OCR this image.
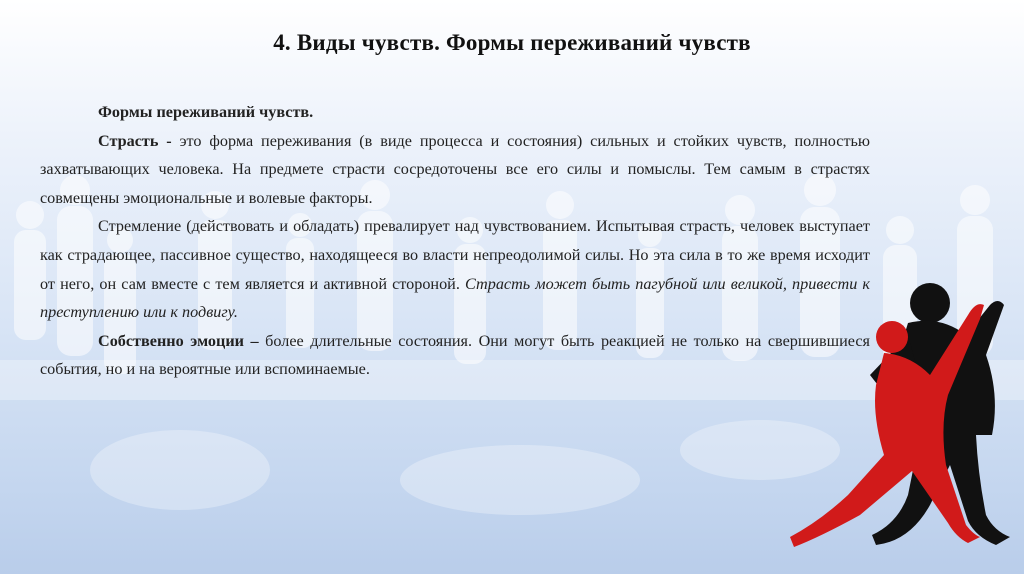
4. Виды чувств. Формы переживаний чувств

Формы переживаний чувств.

Страсть - это форма переживания (в виде процесса и состояния) сильных и стойких чувств, полностью захватывающих человека. На предмете страсти сосредоточены все его силы и помыслы. Тем самым в страстях совмещены эмоциональные и волевые факторы.

Стремление (действовать и обладать) превалирует над чувствованием. Испытывая страсть, человек выступает как страдающее, пассивное существо, находящееся во власти непреодолимой силы. Но эта сила в то же время исходит от него, он сам вместе с тем является и активной стороной. Страсть может быть пагубной или великой, привести к преступлению или к подвигу.

Собственно эмоции – более длительные состояния. Они могут быть реакцией не только на свершившиеся события, но и на вероятные или вспоминаемые.
